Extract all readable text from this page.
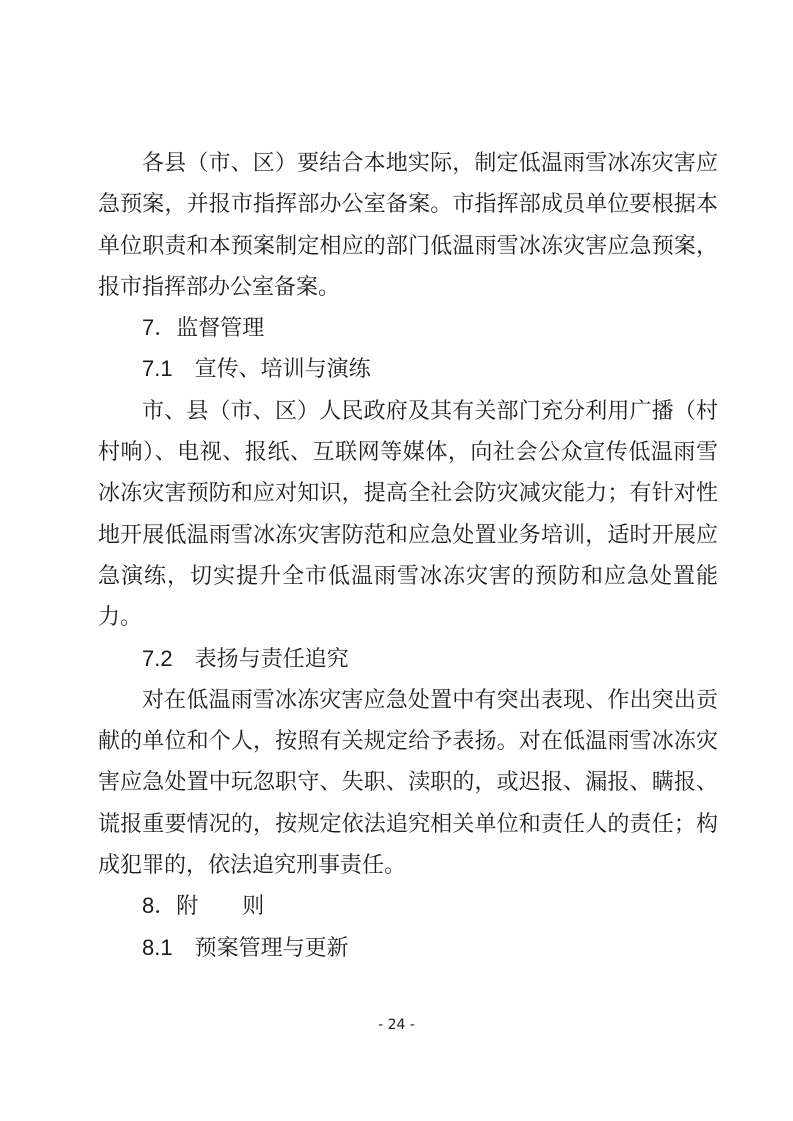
各县（市、区）要结合本地实际，制定低温雨雪冰冻灾害应急预案，并报市指挥部办公室备案。市指挥部成员单位要根据本单位职责和本预案制定相应的部门低温雨雪冰冻灾害应急预案，报市指挥部办公室备案。

7．监督管理

7.1　宣传、培训与演练

市、县（市、区）人民政府及其有关部门充分利用广播（村村响）、电视、报纸、互联网等媒体，向社会公众宣传低温雨雪冰冻灾害预防和应对知识，提高全社会防灾减灾能力；有针对性地开展低温雨雪冰冻灾害防范和应急处置业务培训，适时开展应急演练，切实提升全市低温雨雪冰冻灾害的预防和应急处置能力。

7.2　表扬与责任追究

对在低温雨雪冰冻灾害应急处置中有突出表现、作出突出贡献的单位和个人，按照有关规定给予表扬。对在低温雨雪冰冻灾害应急处置中玩忽职守、失职、渎职的，或迟报、漏报、瞒报、谎报重要情况的，按规定依法追究相关单位和责任人的责任；构成犯罪的，依法追究刑事责任。

8．附　　则

8.1　预案管理与更新

- 24 -
